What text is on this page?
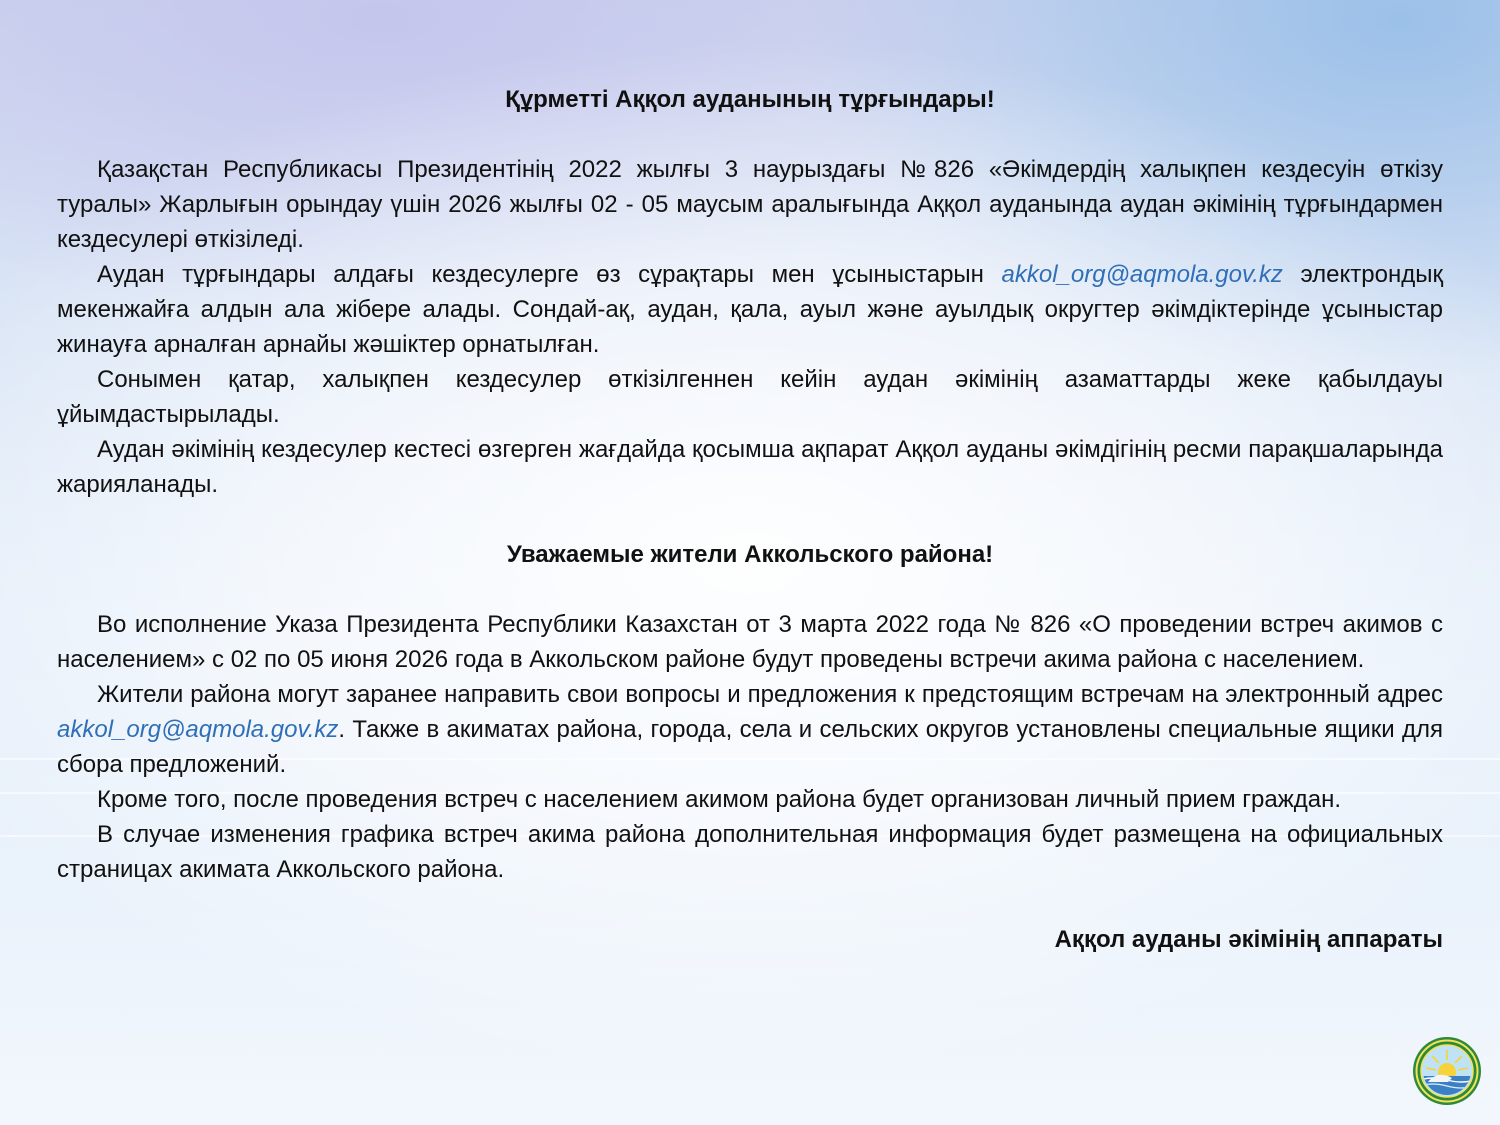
Құрметті Аққол ауданының тұрғындары!

Қазақстан Республикасы Президентінің 2022 жылғы 3 наурыздағы №826 «Әкімдердің халықпен кездесуін өткізу туралы» Жарлығын орындау үшін 2026 жылғы 02 - 05 маусым аралығында Аққол ауданында аудан әкімінің тұрғындармен кездесулері өткізіледі.

Аудан тұрғындары алдағы кездесулерге өз сұрақтары мен ұсыныстарын akkol_org@aqmola.gov.kz электрондық мекенжайға алдын ала жібере алады. Сондай-ақ, аудан, қала, ауыл және ауылдық округтер әкімдіктерінде ұсыныстар жинауға арналған арнайы жәшіктер орнатылған.

Сонымен қатар, халықпен кездесулер өткізілгеннен кейін аудан әкімінің азаматтарды жеке қабылдауы ұйымдастырылады.

Аудан әкімінің кездесулер кестесі өзгерген жағдайда қосымша ақпарат Аққол ауданы әкімдігінің ресми парақшаларында жарияланады.

Уважаемые жители Аккольского района!

Во исполнение Указа Президента Республики Казахстан от 3 марта 2022 года № 826 «О проведении встреч акимов с населением» с 02 по 05 июня 2026 года в Аккольском районе будут проведены встречи акима района с населением.

Жители района могут заранее направить свои вопросы и предложения к предстоящим встречам на электронный адрес akkol_org@aqmola.gov.kz. Также в акиматах района, города, села и сельских округов установлены специальные ящики для сбора предложений.

Кроме того, после проведения встреч с населением акимом района будет организован личный прием граждан.

В случае изменения графика встреч акима района дополнительная информация будет размещена на официальных страницах акимата Аккольского района.

Аққол ауданы әкімінің аппараты
